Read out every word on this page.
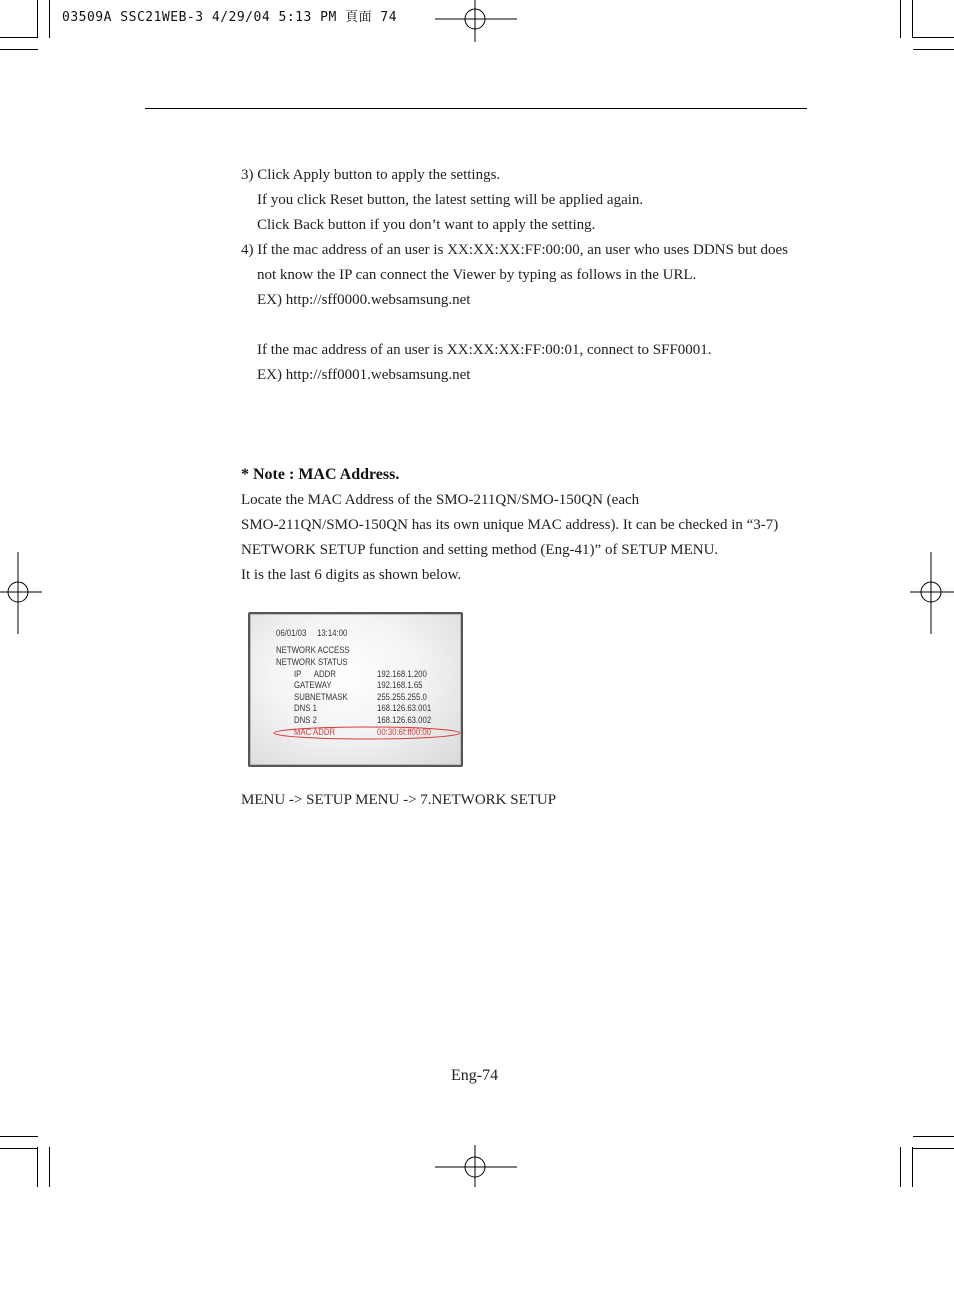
03509A SSC21WEB-3 4/29/04 5:13 PM 頁面 74
3) Click Apply button to apply the settings.
If you click Reset button, the latest setting will be applied again.
Click Back button if you don’t want to apply the setting.
4) If the mac address of an user is XX:XX:XX:FF:00:00, an user who uses DDNS but does
not know the IP can connect the Viewer by typing as follows in the URL.
EX) http://sff0000.websamsung.net
If the mac address of an user is XX:XX:XX:FF:00:01, connect to SFF0001.
EX) http://sff0001.websamsung.net
* Note : MAC Address.
Locate the MAC Address of the SMO-211QN/SMO-150QN (each
SMO-211QN/SMO-150QN has its own unique MAC address). It can be checked in “3-7)
NETWORK SETUP function and setting method (Eng-41)” of SETUP MENU.
It is the last 6 digits as shown below.
06/01/03 13:14:00
NETWORK ACCESS
NETWORK STATUS
IP      ADDR	192.168.1.200
GATEWAY	192.168.1.65
SUBNETMASK	255.255.255.0
DNS 1	168.126.63.001
DNS 2	168.126.63.002
MAC ADDR	00:30:6f:ff00:00
MENU -> SETUP MENU -> 7.NETWORK SETUP
Eng-74
